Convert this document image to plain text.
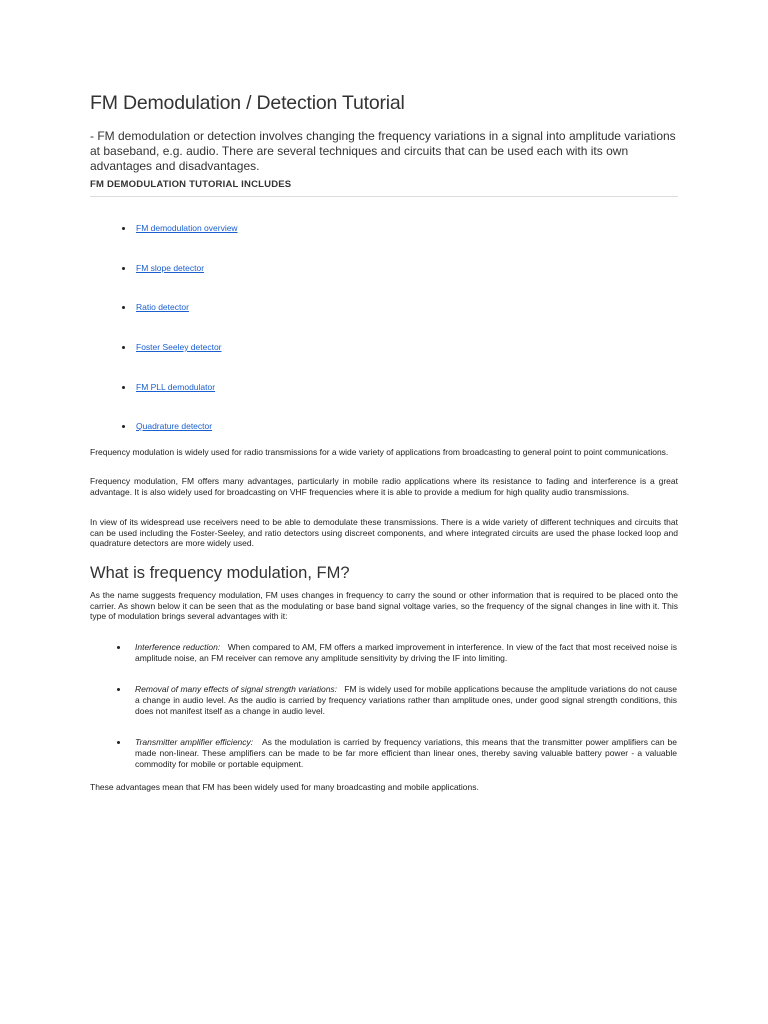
FM Demodulation / Detection Tutorial

- FM demodulation or detection involves changing the frequency variations in a signal into amplitude variations at baseband, e.g. audio. There are several techniques and circuits that can be used each with its own advantages and disadvantages.

FM DEMODULATION TUTORIAL INCLUDES
FM demodulation overview
FM slope detector
Ratio detector
Foster Seeley detector
FM PLL demodulator
Quadrature detector

Frequency modulation is widely used for radio transmissions for a wide variety of applications from broadcasting to general point to point communications.

Frequency modulation, FM offers many advantages, particularly in mobile radio applications where its resistance to fading and interference is a great advantage. It is also widely used for broadcasting on VHF frequencies where it is able to provide a medium for high quality audio transmissions.

In view of its widespread use receivers need to be able to demodulate these transmissions. There is a wide variety of different techniques and circuits that can be used including the Foster-Seeley, and ratio detectors using discreet components, and where integrated circuits are used the phase locked loop and quadrature detectors are more widely used.

What is frequency modulation, FM?

As the name suggests frequency modulation, FM uses changes in frequency to carry the sound or other information that is required to be placed onto the carrier. As shown below it can be seen that as the modulating or base band signal voltage varies, so the frequency of the signal changes in line with it. This type of modulation brings several advantages with it:

Interference reduction: When compared to AM, FM offers a marked improvement in interference. In view of the fact that most received noise is amplitude noise, an FM receiver can remove any amplitude sensitivity by driving the IF into limiting.
Removal of many effects of signal strength variations: FM is widely used for mobile applications because the amplitude variations do not cause a change in audio level. As the audio is carried by frequency variations rather than amplitude ones, under good signal strength conditions, this does not manifest itself as a change in audio level.
Transmitter amplifier efficiency: As the modulation is carried by frequency variations, this means that the transmitter power amplifiers can be made non-linear. These amplifiers can be made to be far more efficient than linear ones, thereby saving valuable battery power - a valuable commodity for mobile or portable equipment.

These advantages mean that FM has been widely used for many broadcasting and mobile applications.
